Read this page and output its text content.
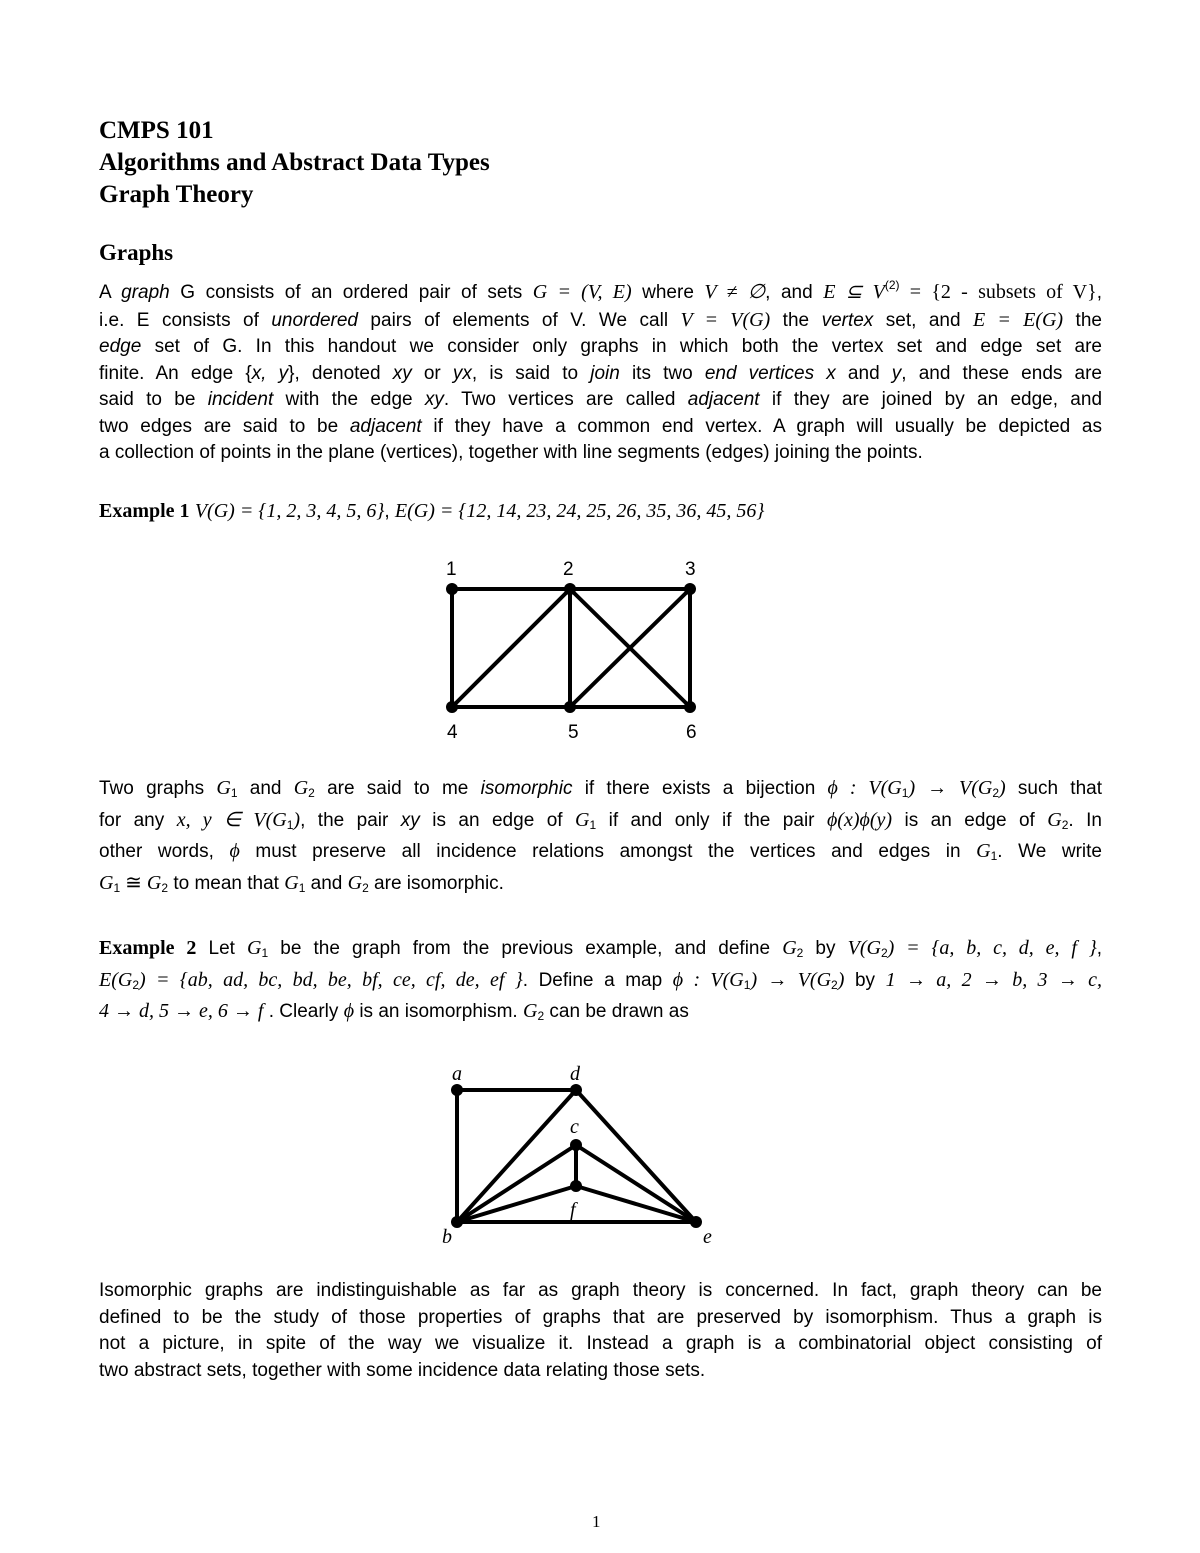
CMPS 101
Algorithms and Abstract Data Types
Graph Theory
Graphs
A graph G consists of an ordered pair of sets G = (V, E) where V ≠ ∅, and E ⊆ $V^{(2)} = \{2$ - subsets of V},
i.e. E consists of unordered pairs of elements of V. We call V = V(G) the vertex set, and E = E(G) the
edge set of G. In this handout we consider only graphs in which both the vertex set and edge set are
finite. An edge {x, y}, denoted xy or yx, is said to join its two end vertices x and y, and these ends are
said to be incident with the edge xy. Two vertices are called adjacent if they are joined by an edge, and
two edges are said to be adjacent if they have a common end vertex. A graph will usually be depicted as
a collection of points in the plane (vertices), together with line segments (edges) joining the points.
Example 1 V(G) = {1, 2, 3, 4, 5, 6}, E(G) = {12, 14, 23, 24, 25, 26, 35, 36, 45, 56}
1	2	3
4	5	6
Two graphs $G_1$ and $G_2$ are said to me isomorphic if there exists a bijection ϕ : $V(G_1) \to V(G_2)$ such that
for any x, y ∈ $V(G_1)$, the pair xy is an edge of $G_1$ if and only if the pair ϕ(x)ϕ(y) is an edge of $G_2$. In
other words, ϕ must preserve all incidence relations amongst the vertices and edges in $G_1$. We write
$G_1$ ≅ $G_2$ to mean that $G_1$ and $G_2$ are isomorphic.
Example 2 Let $G_1$ be the graph from the previous example, and define $G_2$ by $V(G_2) = \{a$, b, c, d, e, f },
$E(G_2) = \{ab$, ad, bc, bd, be, bf, ce, cf, de, ef }. Define a map ϕ : $V(G_1) \to V(G_2)$ by 1 → a, 2 → b, 3 → c,
4 → d, 5 → e, 6 → f . Clearly ϕ is an isomorphism. $G_2$ can be drawn as
a	d
c
f
b	e
Isomorphic graphs are indistinguishable as far as graph theory is concerned. In fact, graph theory can be
defined to be the study of those properties of graphs that are preserved by isomorphism. Thus a graph is
not a picture, in spite of the way we visualize it. Instead a graph is a combinatorial object consisting of
two abstract sets, together with some incidence data relating those sets.
1
